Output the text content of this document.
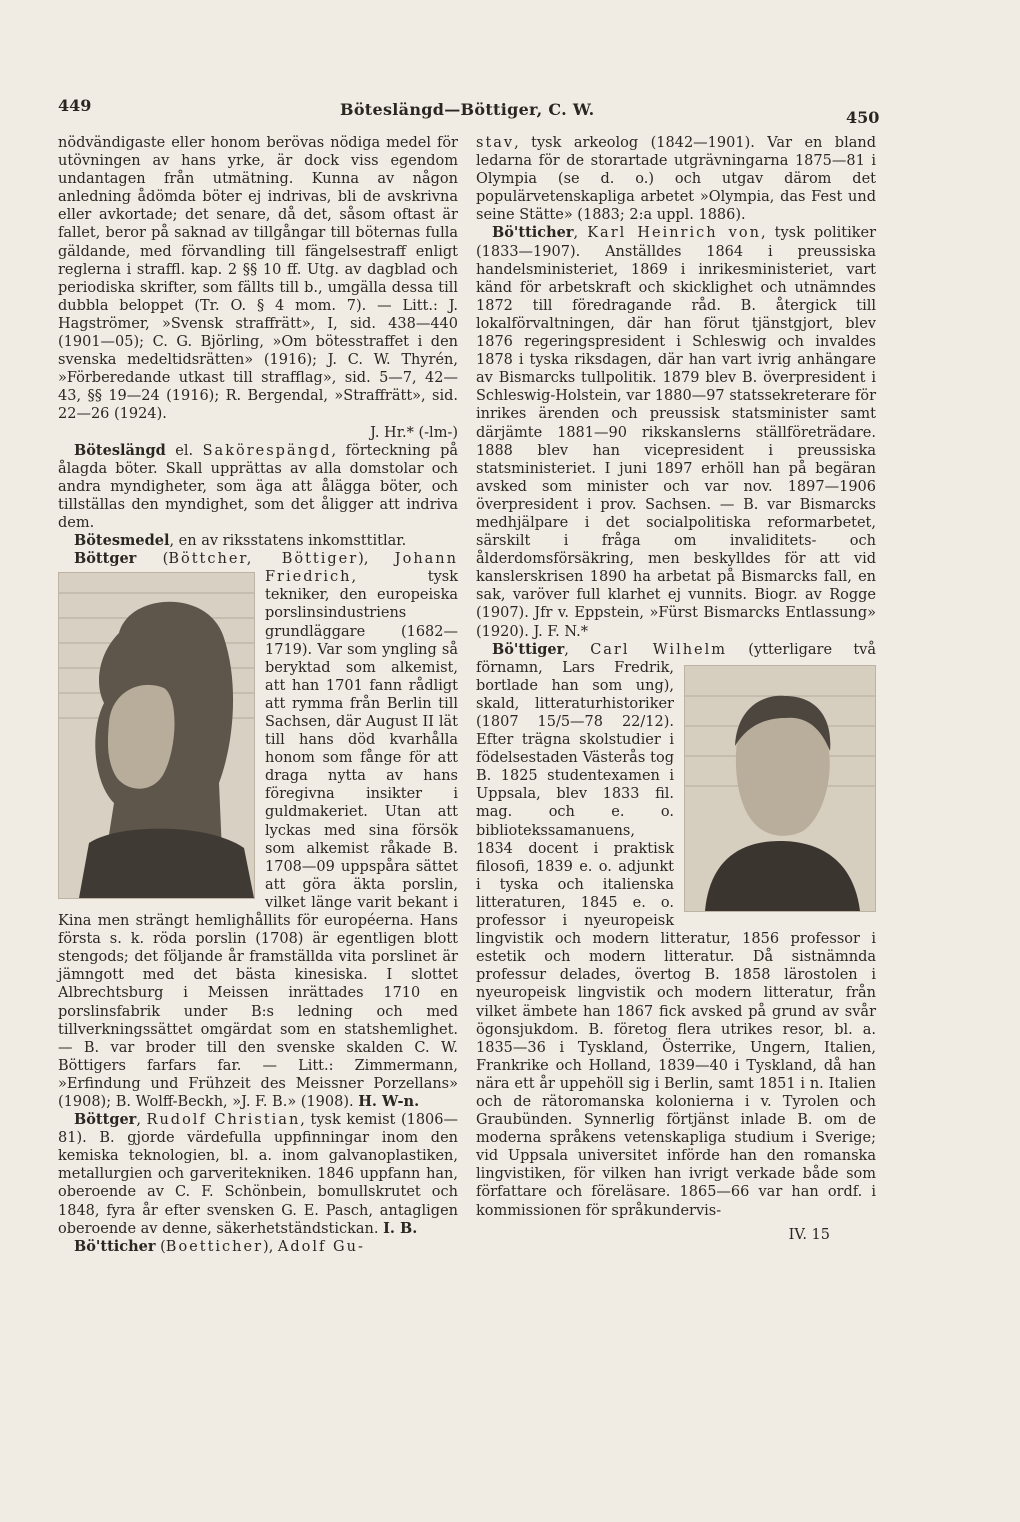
449	Böteslängd—Böttiger, C. W.	450

nödvändigaste eller honom berövas nödiga medel för utövningen av hans yrke, är dock viss egendom undantagen från utmätning. Kunna av någon anledning ådömda böter ej indrivas, bli de avskrivna eller avkortade; det senare, då det, såsom oftast är fallet, beror på saknad av tillgångar till böternas fulla gäldande, med förvandling till fängelsestraff enligt reglerna i straffl. kap. 2 §§ 10 ff. Utg. av dagblad och periodiska skrifter, som fällts till b., umgälla dessa till dubbla beloppet (Tr. O. § 4 mom. 7). — Litt.: J. Hagströmer, »Svensk straffrätt», I, sid. 438—440 (1901—05); C. G. Björling, »Om bötesstraffet i den svenska medeltidsrätten» (1916); J. C. W. Thyrén, »Förberedande utkast till strafflag», sid. 5—7, 42—43, §§ 19—24 (1916); R. Bergendal, »Straffrätt», sid. 22—26 (1924).

J. Hr.* (-lm-)

Böteslängd el. Sakörespängd, förteckning på ålagda böter. Skall upprättas av alla domstolar och andra myndigheter, som äga att ålägga böter, och tillställas den myndighet, som det åligger att indriva dem.

Bötesmedel, en av riksstatens inkomsttitlar.

Böttger (Böttcher, Böttiger), Johann Friedrich
, tysk tekniker, den europeiska porslinsindustriens grundläggare (1682—1719). Var som yngling så beryktad som alkemist, att han 1701 fann rådligt att rymma från Berlin till Sachsen, där August II lät till hans död kvarhålla honom som fånge för att draga nytta av hans föregivna insikter i guldmakeriet. Utan att lyckas med sina försök som alkemist råkade B. 1708—09 uppspåra sättet att göra äkta porslin, vilket länge varit bekant i Kina men strängt hemlighållits för européerna. Hans första s. k. röda porslin (1708) är egentligen blott stengods; det följande år framställda vita porslinet är jämngott med det bästa kinesiska. I slottet Albrechtsburg i Meissen inrättades 1710 en porslinsfabrik under B:s ledning och med tillverkningssättet omgärdat som en statshemlighet. — B. var broder till den svenske skalden C. W. Böttigers farfars far. — Litt.: Zimmermann, »Erfindung und Frühzeit des Meissner Porzellans» (1908); B. Wolff-Beckh, »J. F. B.» (1908). H. W-n.

Böttger, Rudolf Christian, tysk kemist (1806—81). B. gjorde värdefulla uppfinningar inom den kemiska teknologien, bl. a. inom galvanoplastiken, metallurgien och garveritekniken. 1846 uppfann han, oberoende av C. F. Schönbein, bomullskrutet och 1848, fyra år efter svensken G. E. Pasch, antagligen oberoende av denne, säkerhetständstickan. I. B.

Bö'tticher (Boetticher), Adolf Gu-

stav, tysk arkeolog (1842—1901). Var en bland ledarna för de storartade utgrävningarna 1875—81 i Olympia (se d. o.) och utgav därom det populärvetenskapliga arbetet »Olympia, das Fest und seine Stätte» (1883; 2:a uppl. 1886).

Bö'tticher, Karl Heinrich von, tysk politiker (1833—1907). Anställdes 1864 i preussiska handelsministeriet, 1869 i inrikesministeriet, vart känd för arbetskraft och skicklighet och utnämndes 1872 till föredragande råd. B. återgick till lokalförvaltningen, där han förut tjänstgjort, blev 1876 regeringspresident i Schleswig och invaldes 1878 i tyska riksdagen, där han vart ivrig anhängare av Bismarcks tullpolitik. 1879 blev B. överpresident i Schleswig-Holstein, var 1880—97 statssekreterare för inrikes ärenden och preussisk statsminister samt därjämte 1881—90 rikskanslerns ställföreträdare. 1888 blev han vicepresident i preussiska statsministeriet. I juni 1897 erhöll han på begäran avsked som minister och var nov. 1897—1906 överpresident i prov. Sachsen. — B. var Bismarcks medhjälpare i det socialpolitiska reformarbetet, särskilt i fråga om invaliditets- och ålderdomsförsäkring, men beskylldes för att vid kanslerskrisen 1890 ha arbetat på Bismarcks fall, en sak, varöver full klarhet ej vunnits. Biogr. av Rogge (1907). Jfr v. Eppstein, »Fürst Bismarcks Entlassung» (1920). J. F. N.*

Bö'ttiger, Carl Wilhelm
(ytterligare två förnamn, Lars Fredrik, bortlade han som ung), skald, litteraturhistoriker (1807 15/5—78 22/12). Efter trägna skolstudier i födelsestaden Västerås tog B. 1825 studentexamen i Uppsala, blev 1833 fil. mag. och e. o. bibliotekssamanuens, 1834 docent i praktisk filosofi, 1839 e. o. adjunkt i tyska och italienska litteraturen, 1845 e. o. professor i nyeuropeisk lingvistik och modern litteratur, 1856 professor i estetik och modern litteratur. Då sistnämnda professur delades, övertog B. 1858 lärostolen i nyeuropeisk lingvistik och modern litteratur, från vilket ämbete han 1867 fick avsked på grund av svår ögonsjukdom. B. företog flera utrikes resor, bl. a. 1835—36 i Tyskland, Österrike, Ungern, Italien, Frankrike och Holland, 1839—40 i Tyskland, då han nära ett år uppehöll sig i Berlin, samt 1851 i n. Italien och de rätoromanska kolonierna i v. Tyrolen och Graubünden. Synnerlig förtjänst inlade B. om de moderna språkens vetenskapliga studium i Sverige; vid Uppsala universitet införde han den romanska lingvistiken, för vilken han ivrigt verkade både som författare och föreläsare. 1865—66 var han ordf. i kommissionen för språkundervis-

IV. 15
